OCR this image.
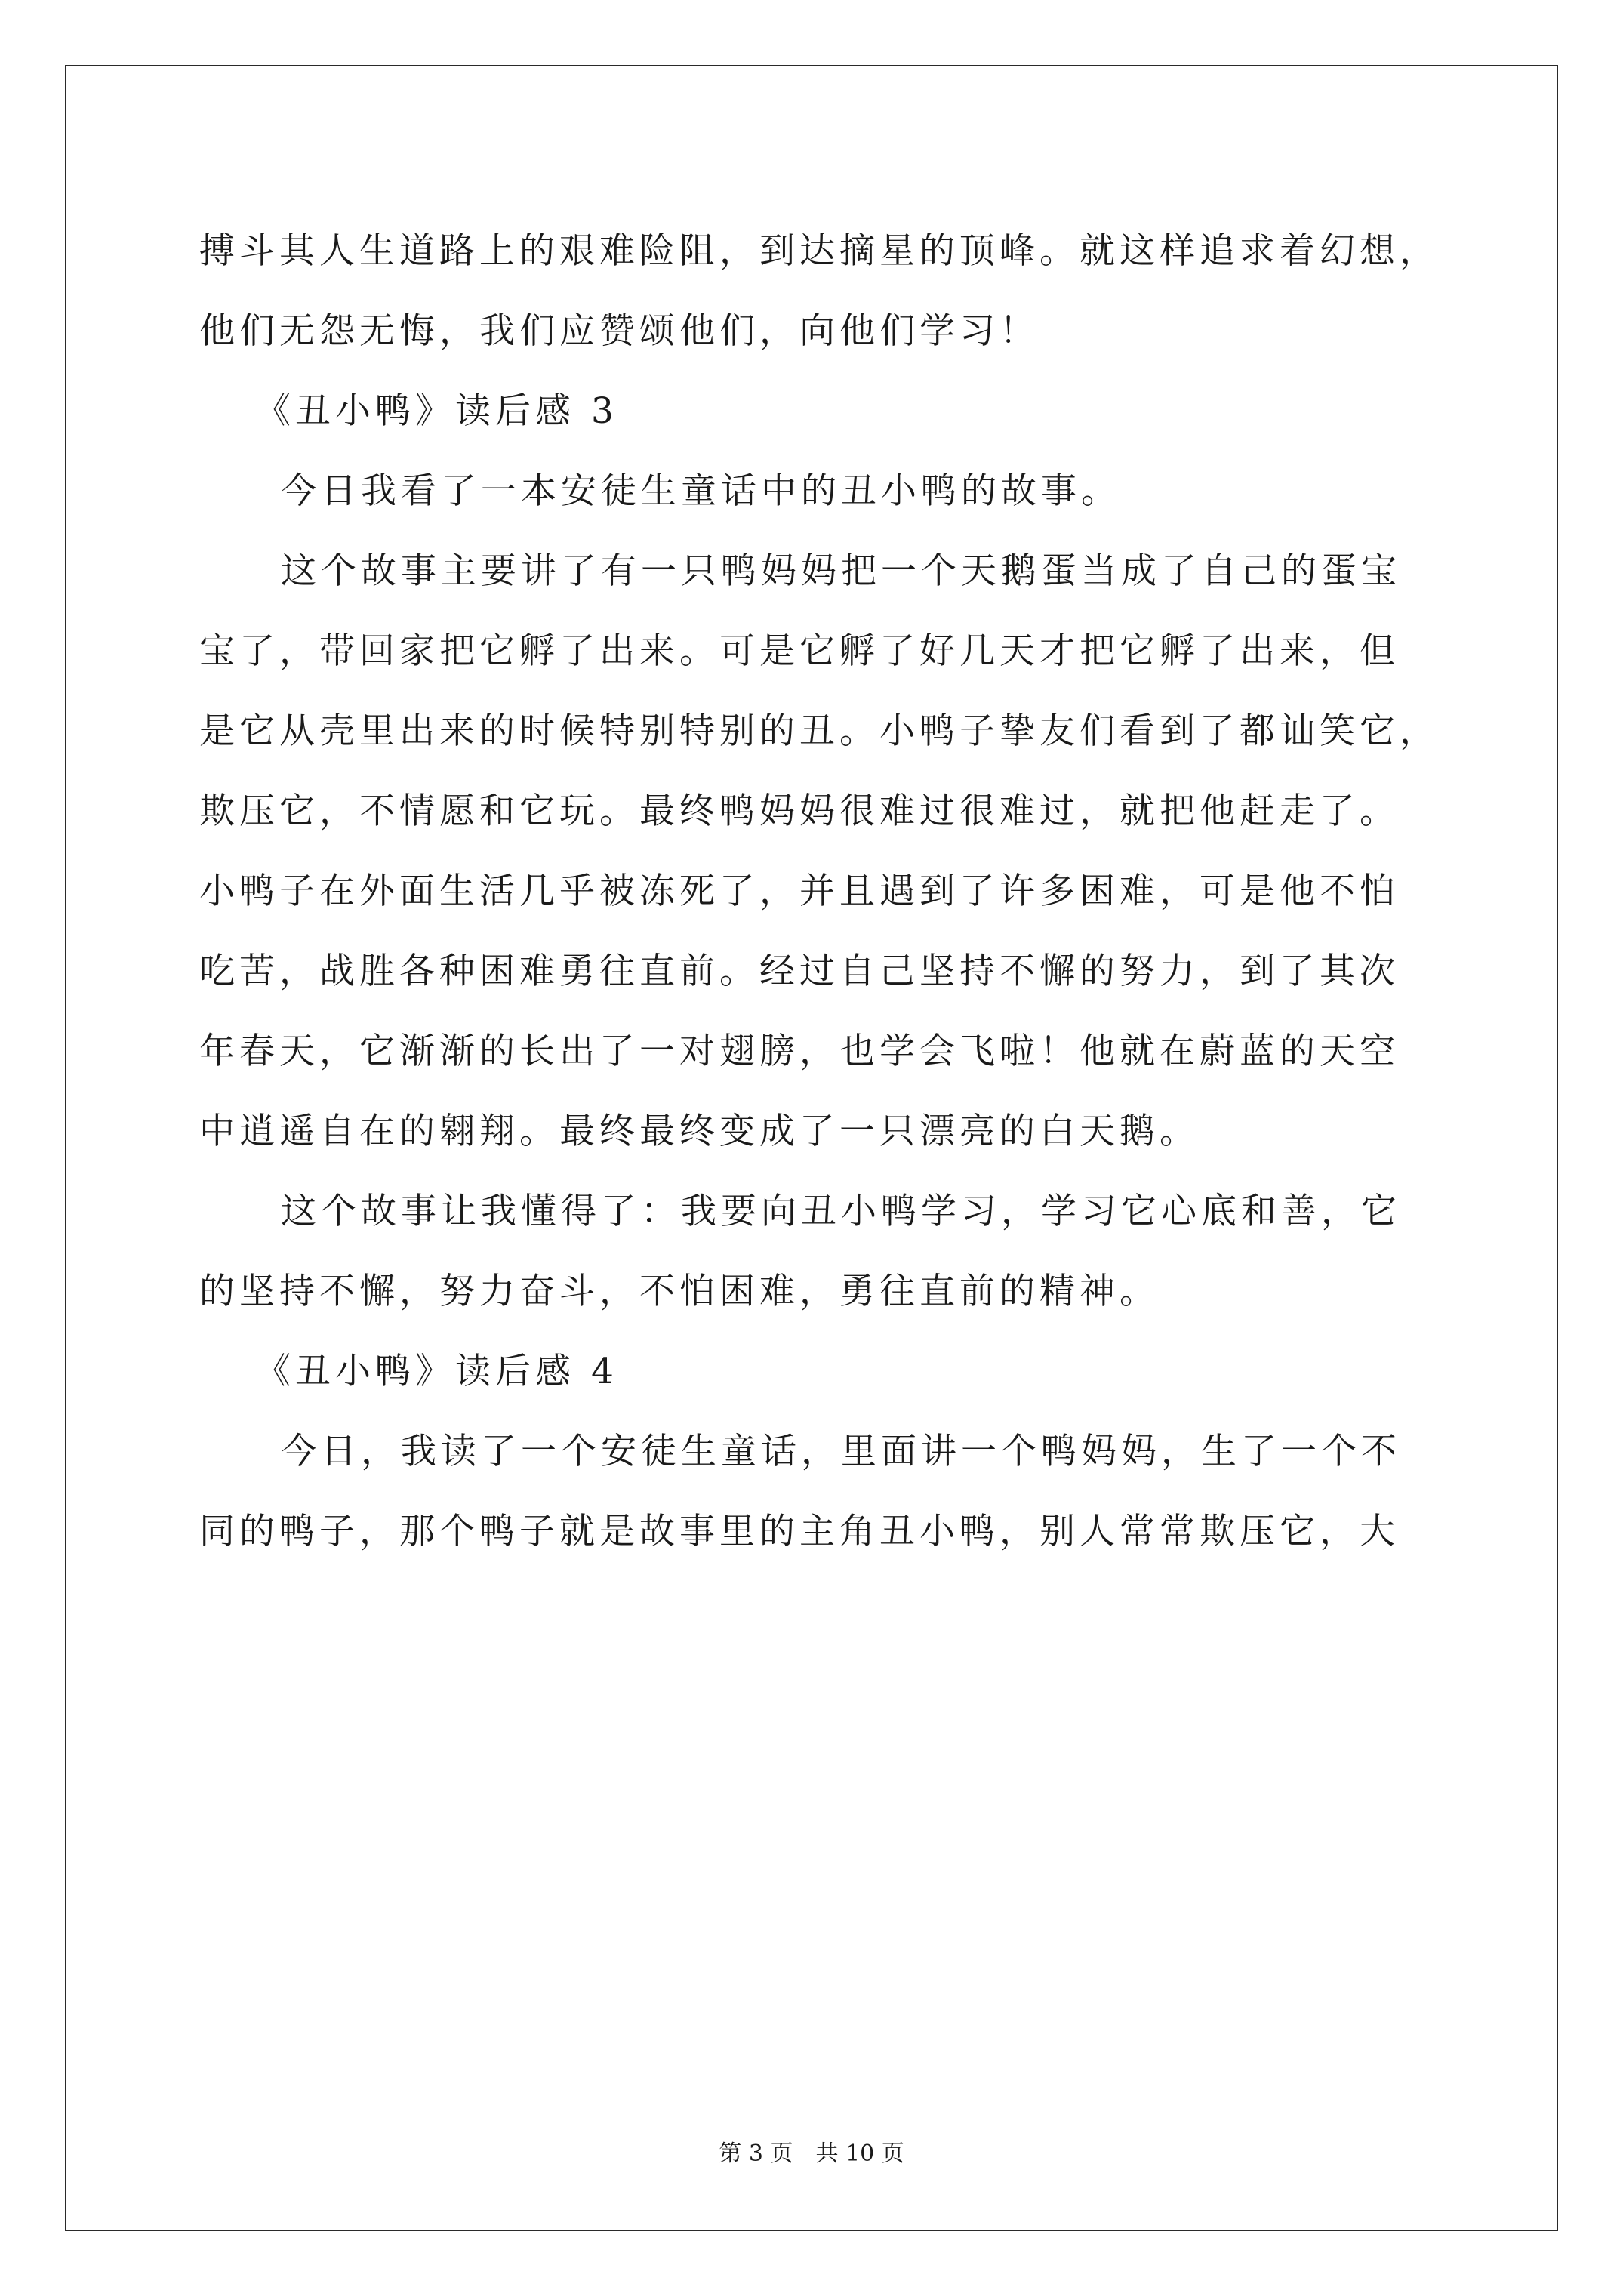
搏斗其人生道路上的艰难险阻，到达摘星的顶峰。就这样追求着幻想，
他们无怨无悔，我们应赞颂他们，向他们学习！
《丑小鸭》读后感 3
今日我看了一本安徒生童话中的丑小鸭的故事。
这个故事主要讲了有一只鸭妈妈把一个天鹅蛋当成了自己的蛋宝
宝了，带回家把它孵了出来。可是它孵了好几天才把它孵了出来，但
是它从壳里出来的时候特别特别的丑。小鸭子挚友们看到了都讪笑它，
欺压它，不情愿和它玩。最终鸭妈妈很难过很难过，就把他赶走了。
小鸭子在外面生活几乎被冻死了，并且遇到了许多困难，可是他不怕
吃苦，战胜各种困难勇往直前。经过自己坚持不懈的努力，到了其次
年春天，它渐渐的长出了一对翅膀，也学会飞啦！他就在蔚蓝的天空
中逍遥自在的翱翔。最终最终变成了一只漂亮的白天鹅。
这个故事让我懂得了：我要向丑小鸭学习，学习它心底和善，它
的坚持不懈，努力奋斗，不怕困难，勇往直前的精神。
《丑小鸭》读后感 4
今日，我读了一个安徒生童话，里面讲一个鸭妈妈，生了一个不
同的鸭子，那个鸭子就是故事里的主角丑小鸭，别人常常欺压它，大
第 3 页　共 10 页
